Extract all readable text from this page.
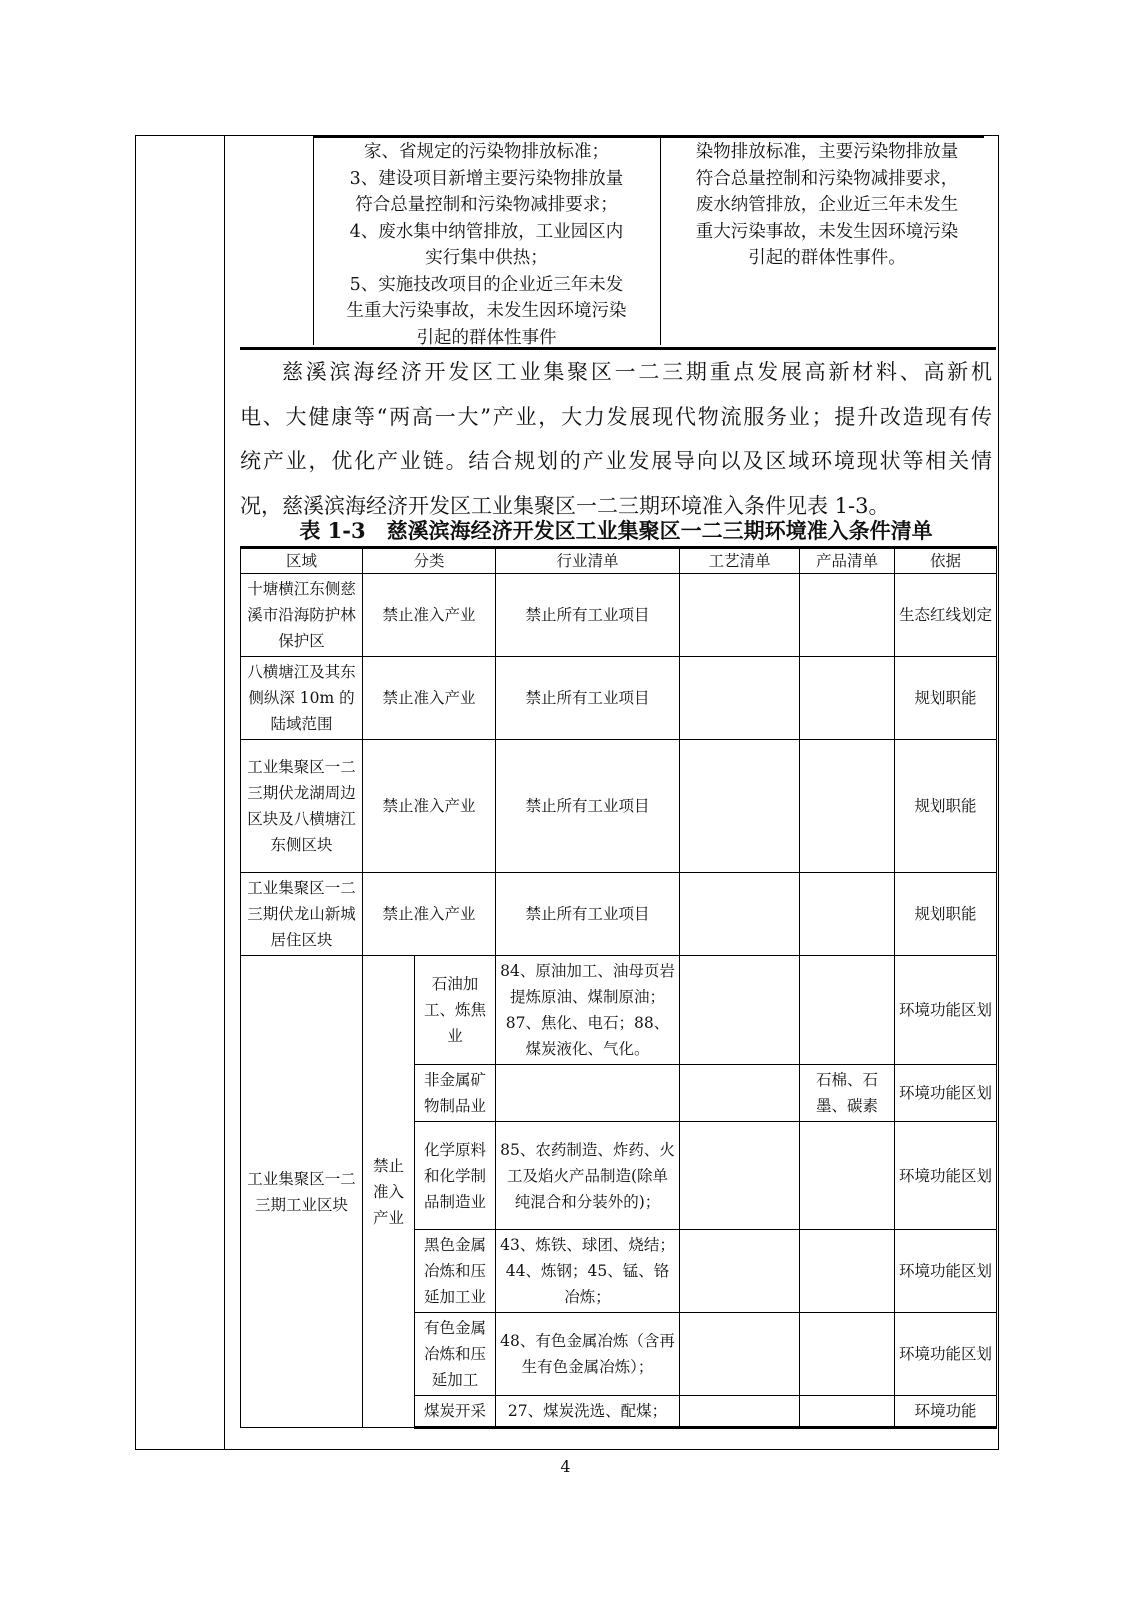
家、省规定的污染物排放标准；
3、建设项目新增主要污染物排放量
符合总量控制和污染物减排要求；
4、废水集中纳管排放，工业园区内
实行集中供热；
5、实施技改项目的企业近三年未发
生重大污染事故，未发生因环境污染
引起的群体性事件
染物排放标准，主要污染物排放量
符合总量控制和污染物减排要求，
废水纳管排放，企业近三年未发生
重大污染事故，未发生因环境污染
引起的群体性事件。
慈溪滨海经济开发区工业集聚区一二三期重点发展高新材料、高新机
电、大健康等“两高一大”产业，大力发展现代物流服务业；提升改造现有传
统产业，优化产业链。结合规划的产业发展导向以及区域环境现状等相关情
况，慈溪滨海经济开发区工业集聚区一二三期环境准入条件见表 1-3。
表 1-3　慈溪滨海经济开发区工业集聚区一二三期环境准入条件清单
区域	分类		行业清单	工艺清单	产品清单	依据
十塘横江东侧慈溪市沿海防护林保护区	禁止准入产业		禁止所有工业项目			生态红线划定
八横塘江及其东侧纵深 10m 的陆域范围	禁止准入产业		禁止所有工业项目			规划职能
工业集聚区一二三期伏龙湖周边区块及八横塘江东侧区块	禁止准入产业		禁止所有工业项目			规划职能
工业集聚区一二三期伏龙山新城居住区块	禁止准入产业		禁止所有工业项目			规划职能
工业集聚区一二三期工业区块	禁止准入产业	石油加工、炼焦业	84、原油加工、油母页岩提炼原油、煤制原油；87、焦化、电石；88、煤炭液化、气化。			环境功能区划
		非金属矿物制品业			石棉、石墨、碳素	环境功能区划
		化学原料和化学制品制造业	85、农药制造、炸药、火工及焰火产品制造(除单纯混合和分装外的)；			环境功能区划
		黑色金属冶炼和压延加工业	43、炼铁、球团、烧结；44、炼钢；45、锰、铬冶炼；			环境功能区划
		有色金属冶炼和压延加工	48、有色金属冶炼（含再生有色金属冶炼）；			环境功能区划
		煤炭开采	27、煤炭洗选、配煤；			环境功能
4
